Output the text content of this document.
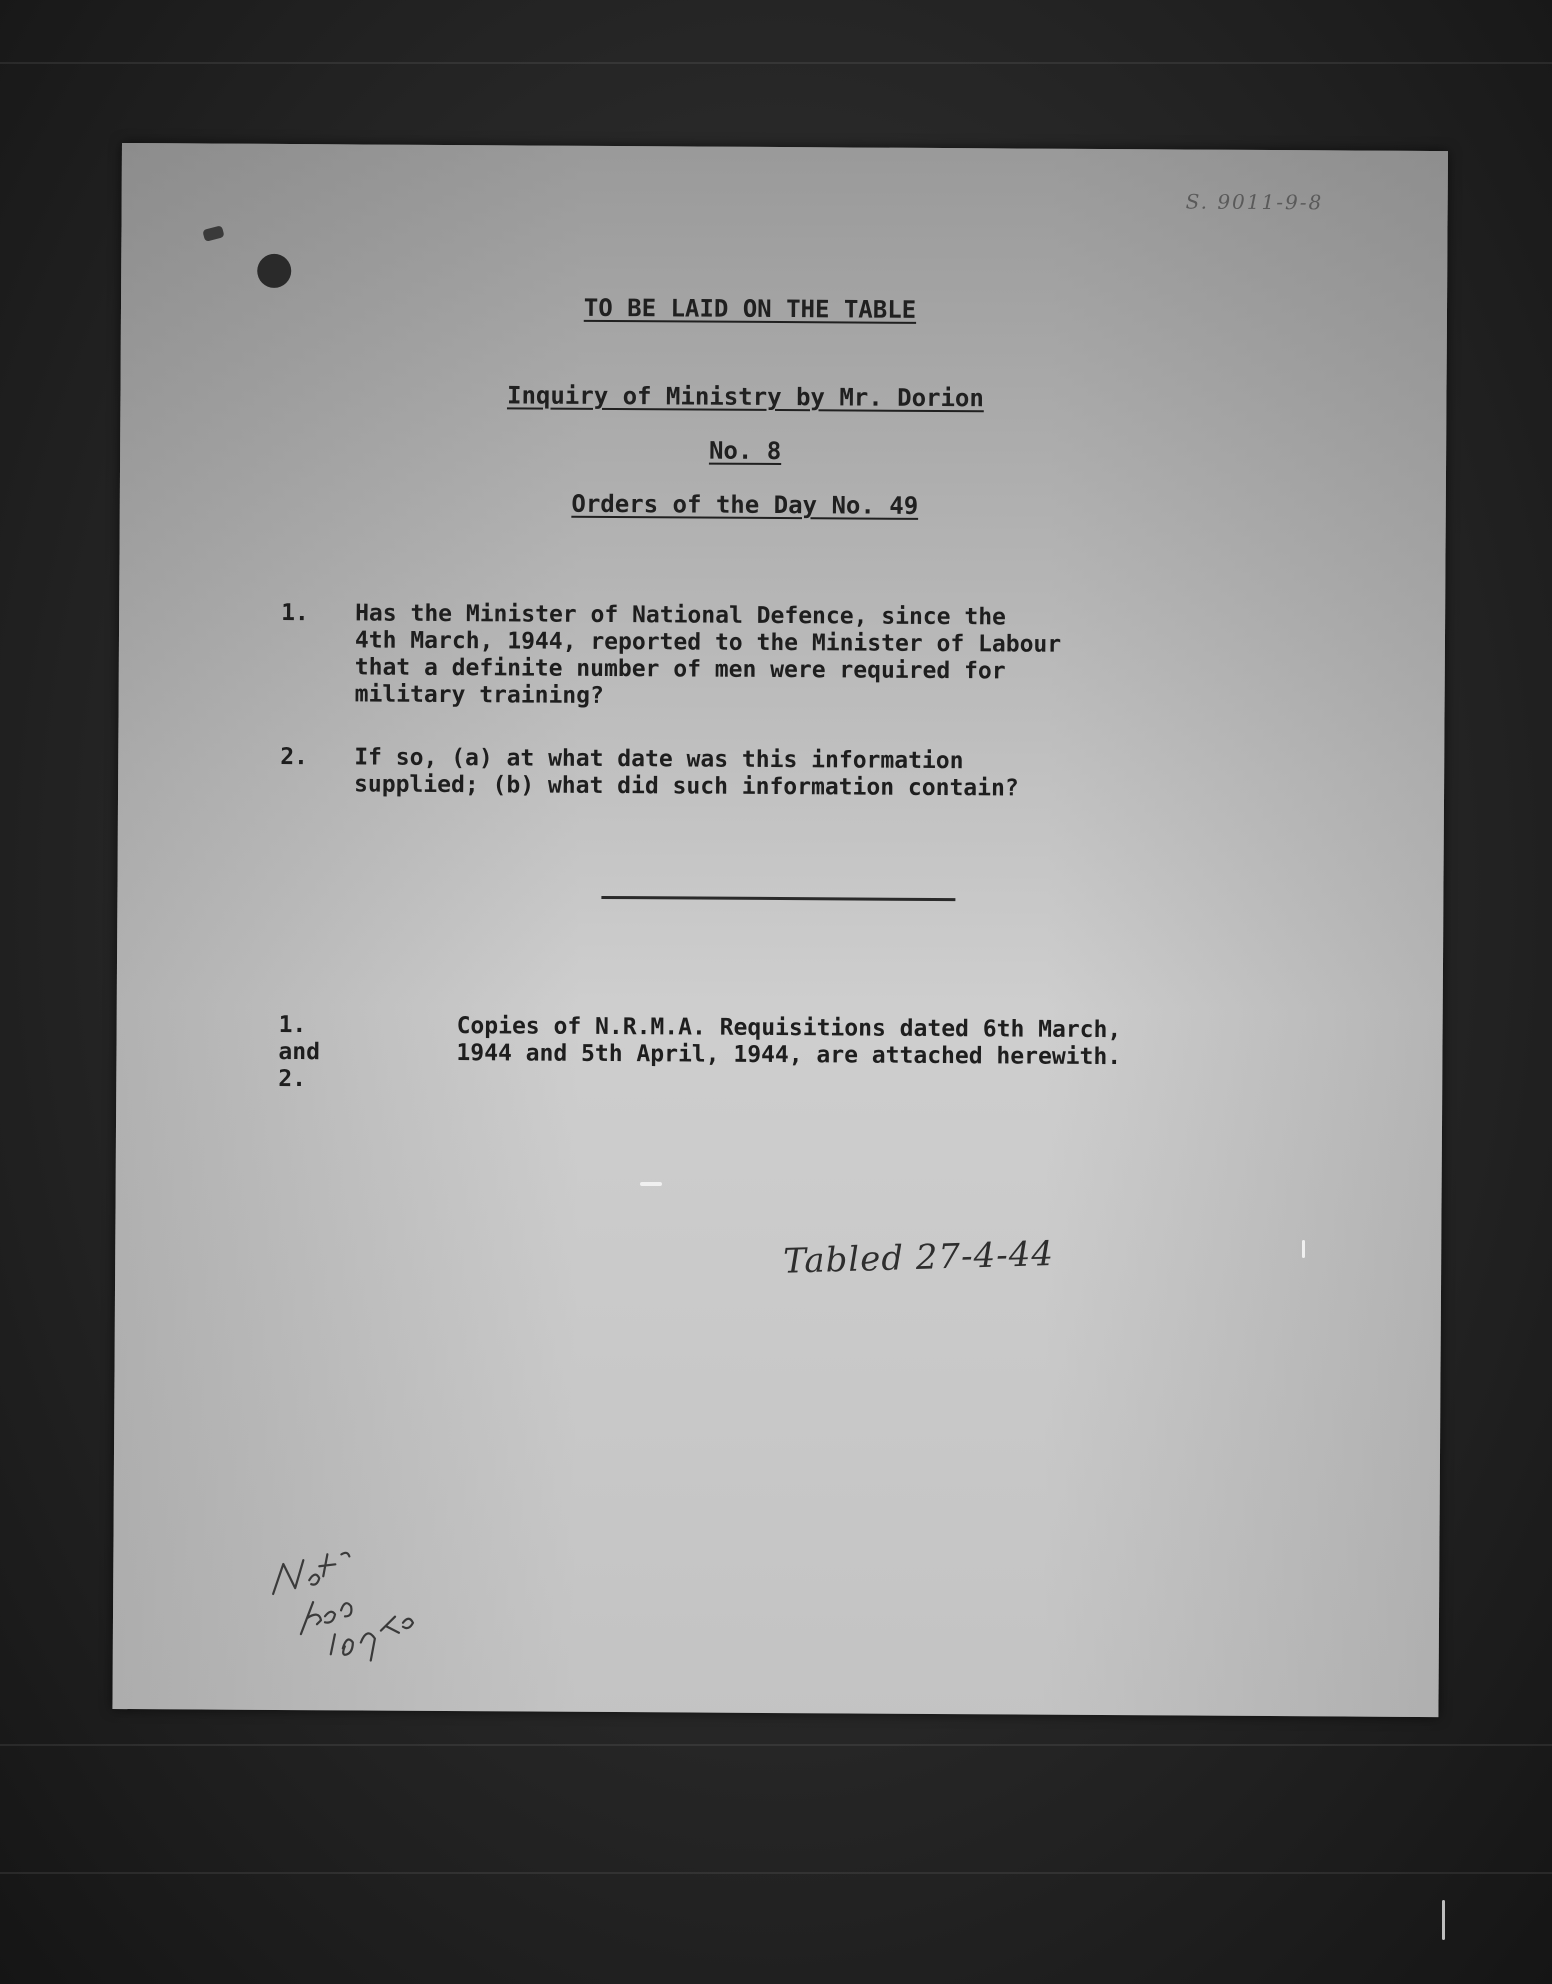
S. 9011-9-8
TO BE LAID ON THE TABLE
Inquiry of Ministry by Mr. Dorion
No. 8
Orders of the Day No. 49
1. Has the Minister of National Defence, since the
4th March, 1944, reported to the Minister of Labour
that a definite number of men were required for
military training?
2. If so, (a) at what date was this information
supplied; (b) what did such information contain?
1. and 2.
Copies of N.R.M.A. Requisitions dated 6th March,
1944 and 5th April, 1944, are attached herewith.
Tabled 27-4-44
